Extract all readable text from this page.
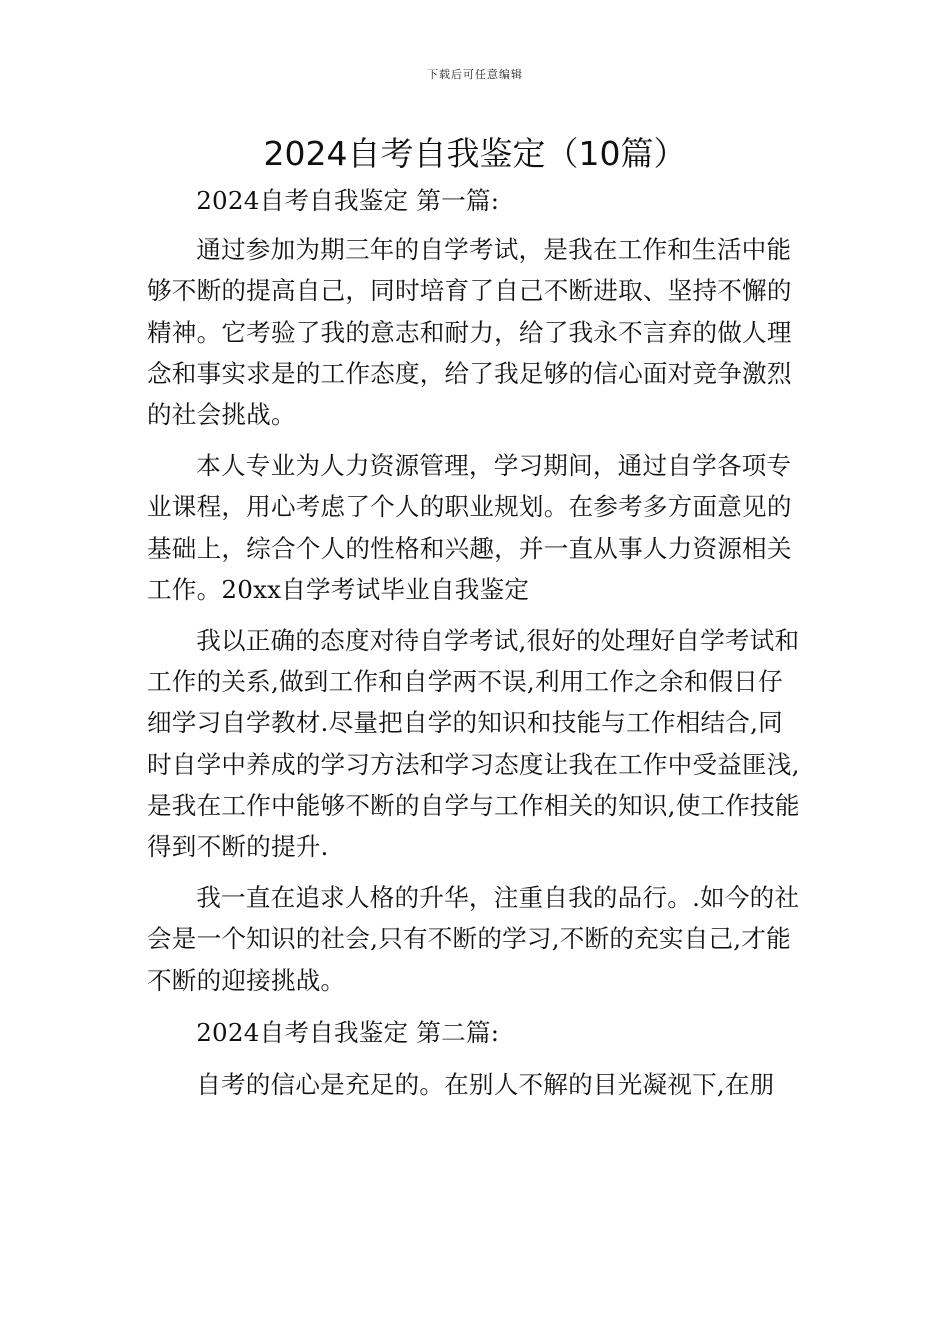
下载后可任意编辑
2024自考自我鉴定（10篇）

2024自考自我鉴定 第一篇:

通过参加为期三年的自学考试，是我在工作和生活中能够不断的提高自己，同时培育了自己不断进取、坚持不懈的精神。它考验了我的意志和耐力，给了我永不言弃的做人理念和事实求是的工作态度，给了我足够的信心面对竞争激烈的社会挑战。

本人专业为人力资源管理，学习期间，通过自学各项专业课程，用心考虑了个人的职业规划。在参考多方面意见的基础上，综合个人的性格和兴趣，并一直从事人力资源相关工作。20xx自学考试毕业自我鉴定

我以正确的态度对待自学考试,很好的处理好自学考试和工作的关系,做到工作和自学两不误,利用工作之余和假日仔细学习自学教材.尽量把自学的知识和技能与工作相结合,同时自学中养成的学习方法和学习态度让我在工作中受益匪浅,是我在工作中能够不断的自学与工作相关的知识,使工作技能得到不断的提升.

我一直在追求人格的升华，注重自我的品行。.如今的社会是一个知识的社会,只有不断的学习,不断的充实自己,才能不断的迎接挑战。

2024自考自我鉴定 第二篇:

自考的信心是充足的。在别人不解的目光凝视下,在朋
